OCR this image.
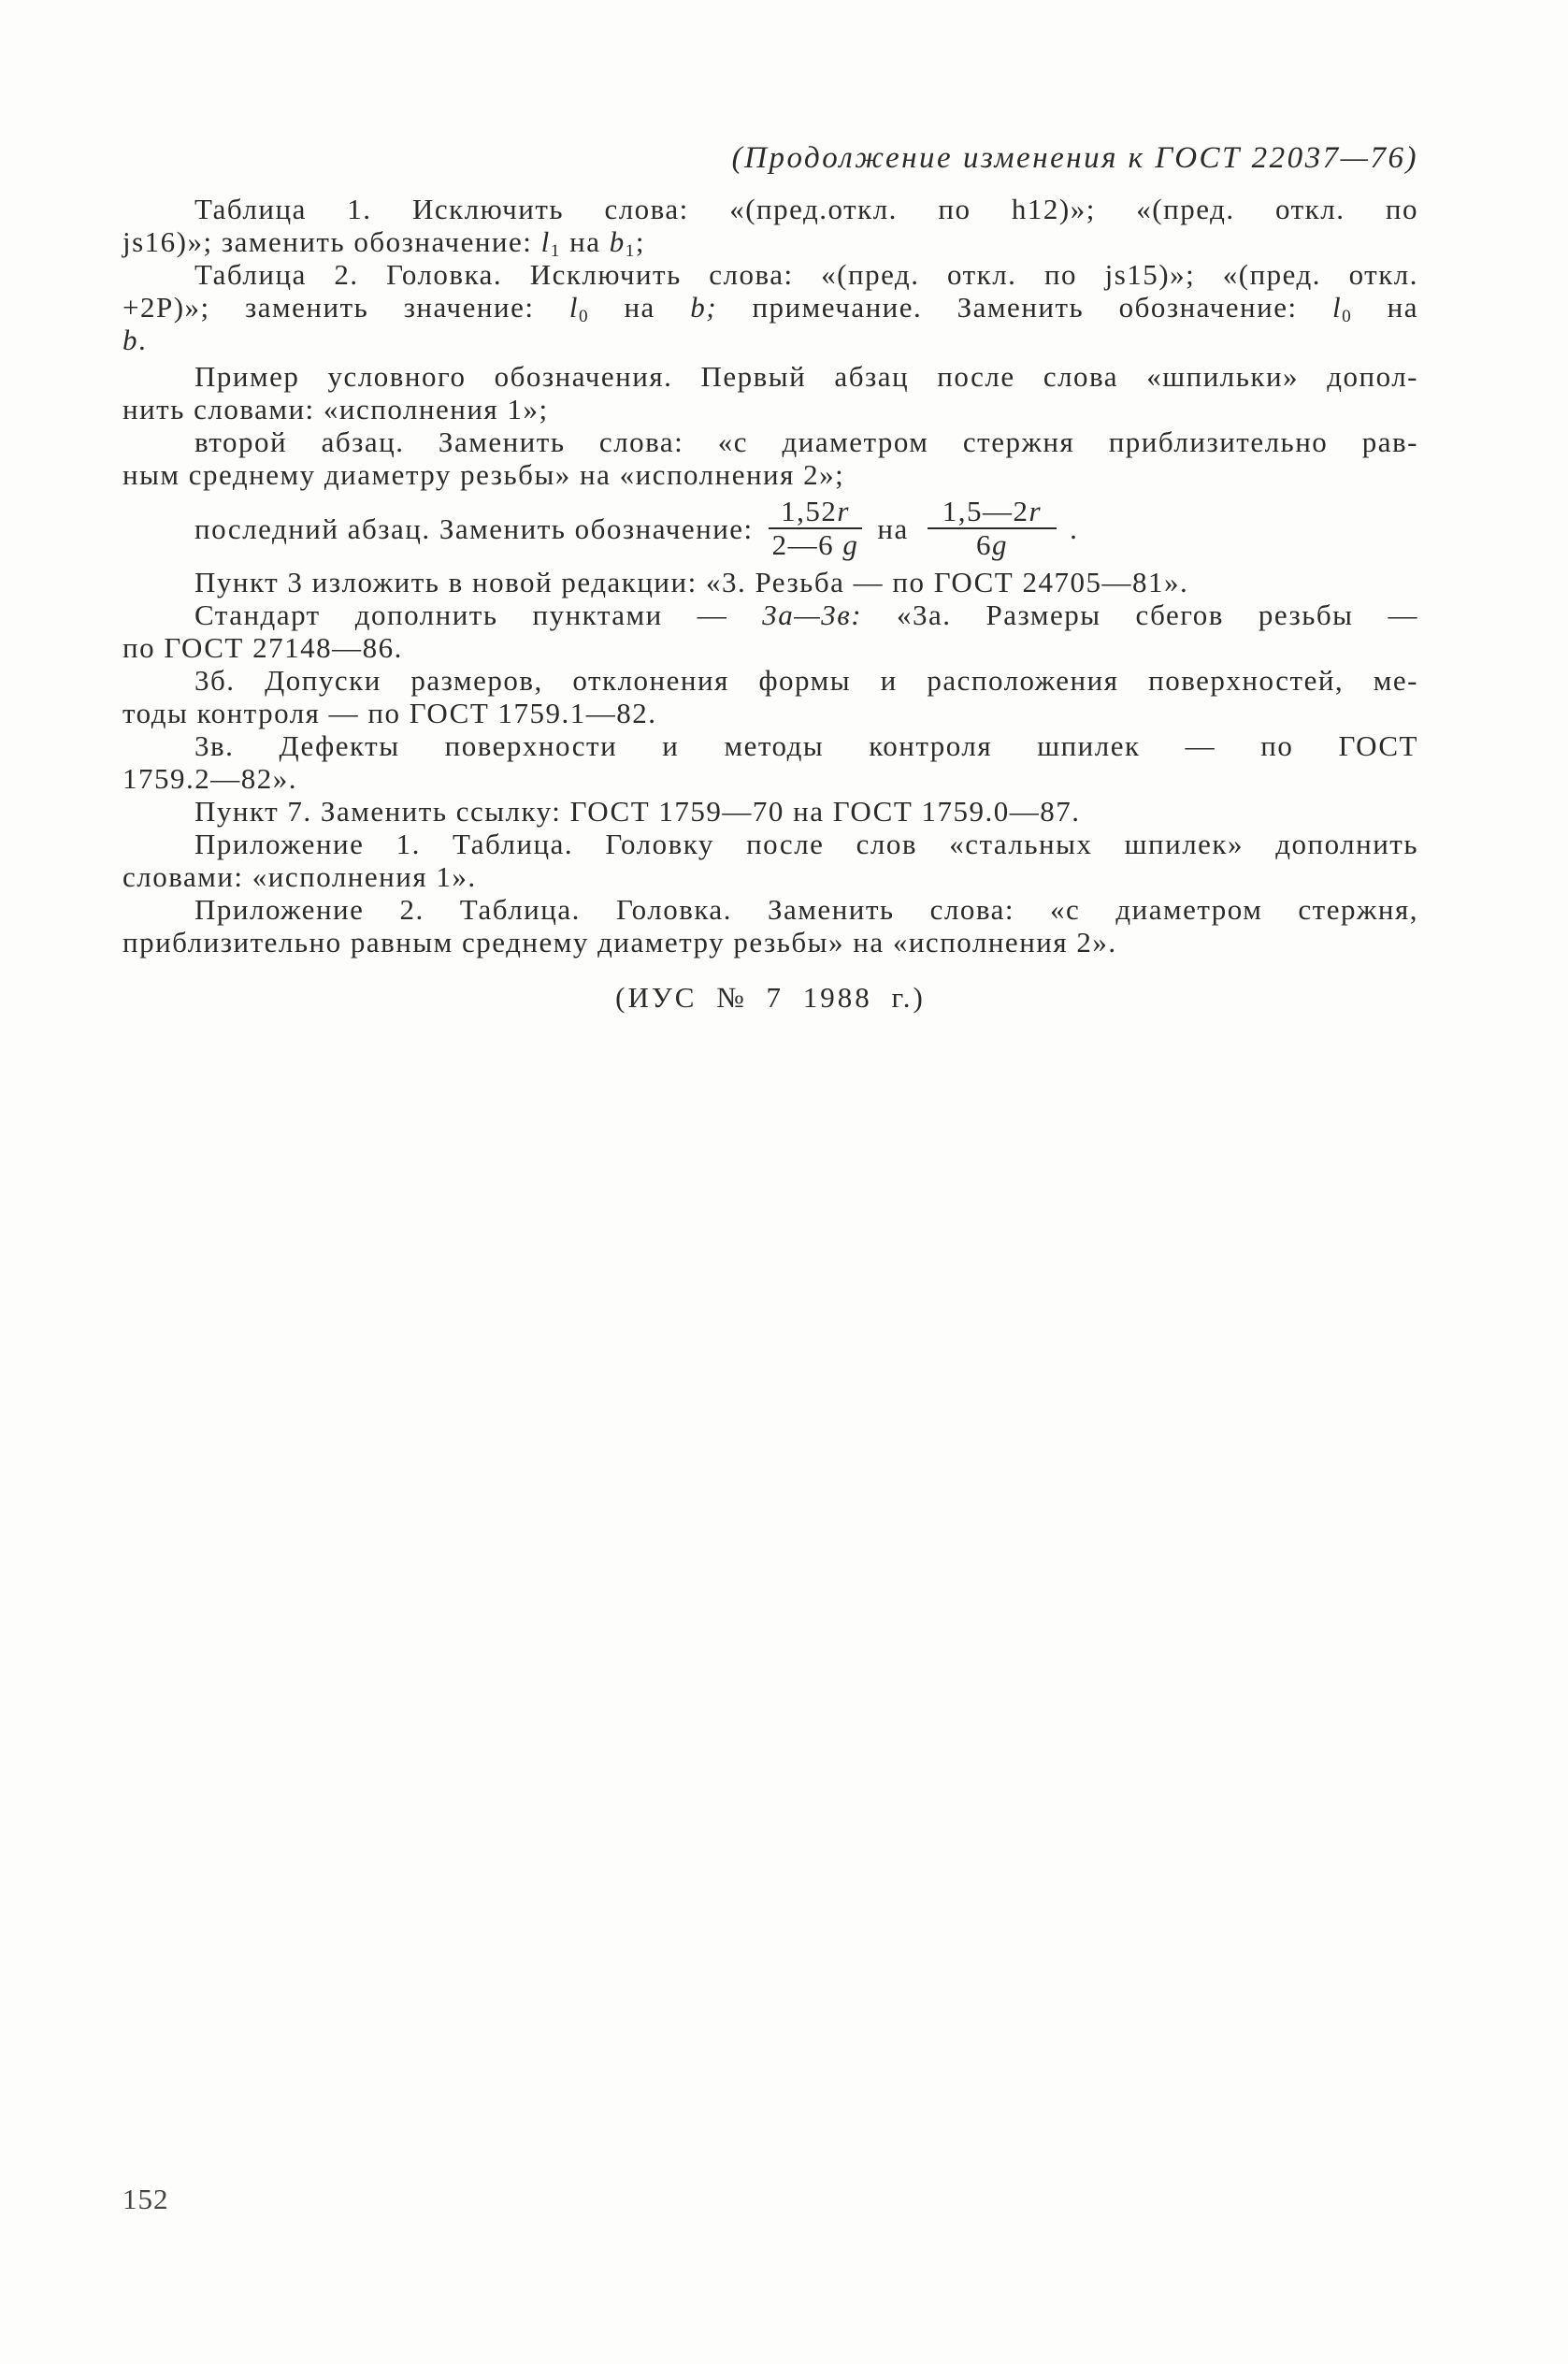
(Продолжение изменения к ГОСТ 22037—76)
Таблица 1. Исключить слова: «(пред.откл. по h12)»; «(пред. откл. по
js16)»; заменить обозначение: $l_1$ на $b_1$;
Таблица 2. Головка. Исключить слова: «(пред. откл. по js15)»; «(пред. откл.
+2P)»; заменить значение: $l_0$ на b; примечание. Заменить обозначение: $l_0$ на
b.
Пример условного обозначения. Первый абзац после слова «шпильки» допол-
нить словами: «исполнения 1»;
второй абзац. Заменить слова: «с диаметром стержня приблизительно рав-
ным среднему диаметру резьбы» на «исполнения 2»;
последний абзац. Заменить обозначение: $\frac{1,52r}{2—6 g}$ на $\frac{1,5—2r}{6g}$ .
Пункт 3 изложить в новой редакции: «3. Резьба — по ГОСТ 24705—81».
Стандарт дополнить пунктами — 3а—3в: «3а. Размеры сбегов резьбы —
по ГОСТ 27148—86.
3б. Допуски размеров, отклонения формы и расположения поверхностей, ме-
тоды контроля — по ГОСТ 1759.1—82.
3в. Дефекты поверхности и методы контроля шпилек — по ГОСТ
1759.2—82».
Пункт 7. Заменить ссылку: ГОСТ 1759—70 на ГОСТ 1759.0—87.
Приложение 1. Таблица. Головку после слов «стальных шпилек» дополнить
словами: «исполнения 1».
Приложение 2. Таблица. Головка. Заменить слова: «с диаметром стержня,
приблизительно равным среднему диаметру резьбы» на «исполнения 2».
(ИУС № 7 1988 г.)
152
